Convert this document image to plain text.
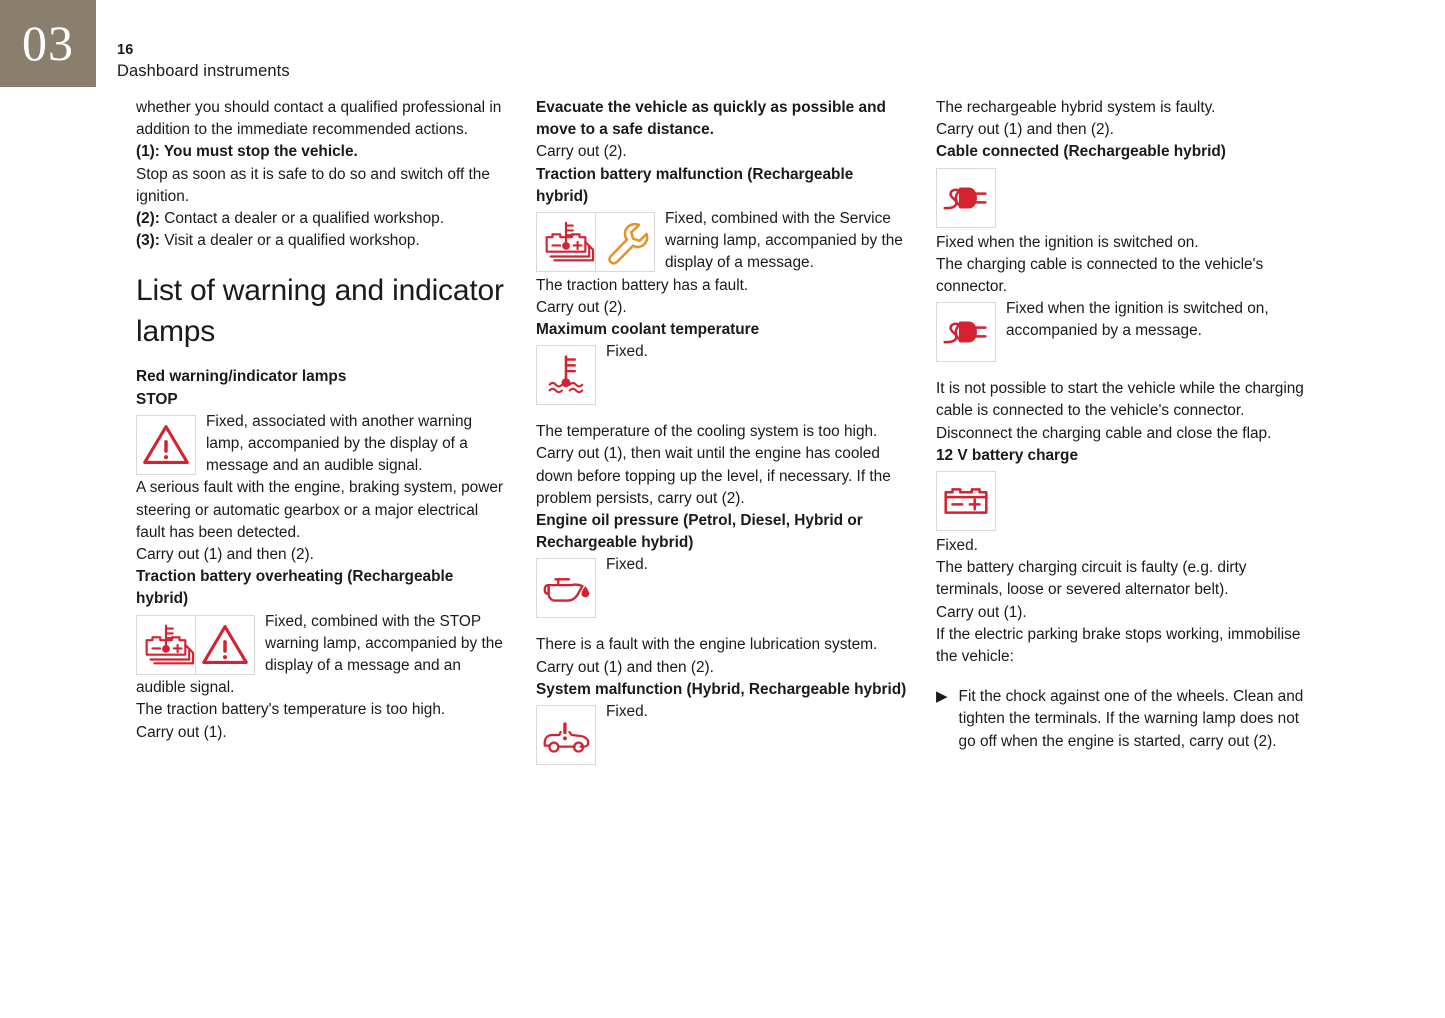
03	16
Dashboard instruments

whether you should contact a qualified professional in addition to the immediate recommended actions.

(1): You must stop the vehicle.

Stop as soon as it is safe to do so and switch off the ignition.

(2): Contact a dealer or a qualified workshop.

(3): Visit a dealer or a qualified workshop.

List of warning and indicator lamps

Red warning/indicator lamps

STOP

Fixed, associated with another warning lamp, accompanied by the display of a message and an audible signal.

A serious fault with the engine, braking system, power steering or automatic gearbox or a major electrical fault has been detected.

Carry out (1) and then (2).

Traction battery overheating (Rechargeable hybrid)

Fixed, combined with the STOP warning lamp, accompanied by the display of a message and an audible signal.

The traction battery's temperature is too high.

Carry out (1).

Evacuate the vehicle as quickly as possible and move to a safe distance.

Carry out (2).

Traction battery malfunction (Rechargeable hybrid)

Fixed, combined with the Service warning lamp, accompanied by the display of a message.

The traction battery has a fault.

Carry out (2).

Maximum coolant temperature

Fixed.

The temperature of the cooling system is too high.

Carry out (1), then wait until the engine has cooled down before topping up the level, if necessary. If the problem persists, carry out (2).

Engine oil pressure (Petrol, Diesel, Hybrid or Rechargeable hybrid)

Fixed.

There is a fault with the engine lubrication system.

Carry out (1) and then (2).

System malfunction (Hybrid, Rechargeable hybrid)

Fixed.

The rechargeable hybrid system is faulty.

Carry out (1) and then (2).

Cable connected (Rechargeable hybrid)

Fixed when the ignition is switched on.

The charging cable is connected to the vehicle's connector.

Fixed when the ignition is switched on, accompanied by a message.

It is not possible to start the vehicle while the charging cable is connected to the vehicle's connector.

Disconnect the charging cable and close the flap.

12 V battery charge

Fixed.

The battery charging circuit is faulty (e.g. dirty terminals, loose or severed alternator belt).

Carry out (1).

If the electric parking brake stops working, immobilise the vehicle:

▶ Fit the chock against one of the wheels. Clean and tighten the terminals. If the warning lamp does not go off when the engine is started, carry out (2).
